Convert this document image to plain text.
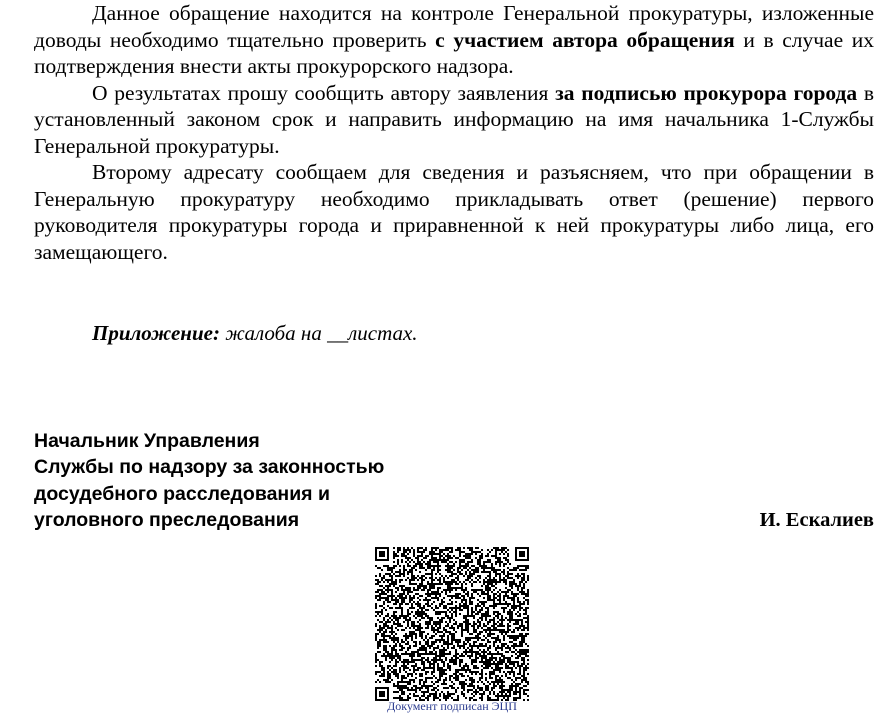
Данное обращение находится на контроле Генеральной прокуратуры, изложенные доводы необходимо тщательно проверить с участием автора обращения и в случае их подтверждения внести акты прокурорского надзора.

О результатах прошу сообщить автору заявления за подписью прокурора города в установленный законом срок и направить информацию на имя начальника 1-Службы Генеральной прокуратуры.

Второму адресату сообщаем для сведения и разъясняем, что при обращении в Генеральную прокуратуру необходимо прикладывать ответ (решение) первого руководителя прокуратуры города и приравненной к ней прокуратуры либо лица, его замещающего.

Приложение: жалоба на __листах.
Начальник Управления
Службы по надзору за законностью
досудебного расследования и
уголовного преследования	И. Ескалиев
Документ подписан ЭЦП
